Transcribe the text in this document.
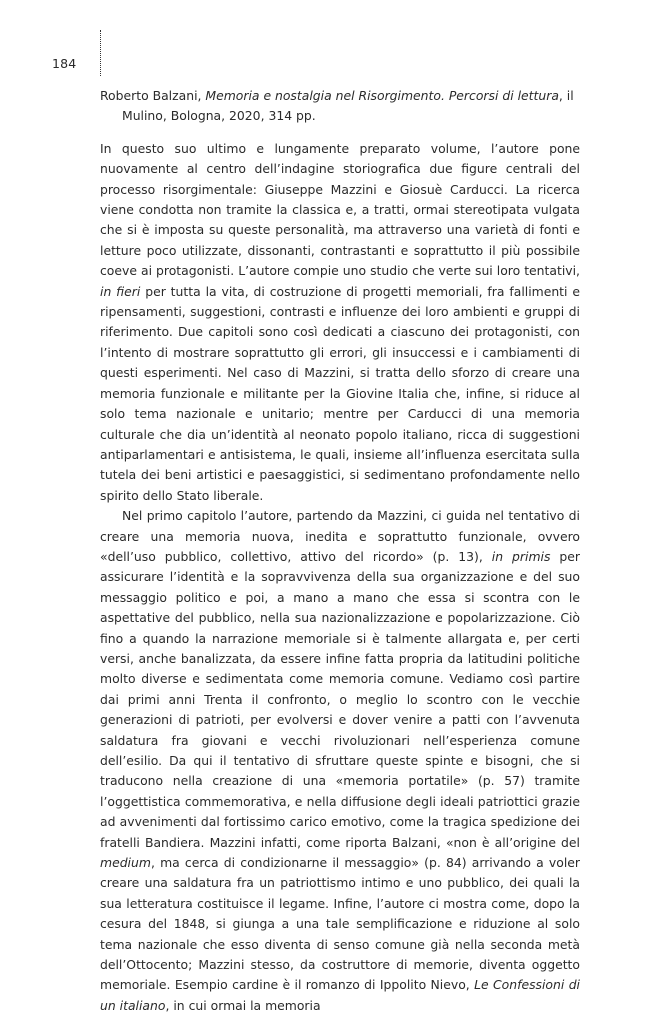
184

Roberto Balzani, Memoria e nostalgia nel Risorgimento. Percorsi di lettura, il Mulino, Bologna, 2020, 314 pp.

In questo suo ultimo e lungamente preparato volume, l’autore pone nuovamente al centro dell’indagine storiografica due figure centrali del processo risorgimentale: Giuseppe Mazzini e Giosuè Carducci. La ricerca viene condotta non tramite la classica e, a tratti, ormai stereotipata vulgata che si è imposta su queste personalità, ma attraverso una varietà di fonti e letture poco utilizzate, dissonanti, contrastanti e soprattutto il più possibile coeve ai protagonisti. L’autore compie uno studio che verte sui loro tentativi, in fieri per tutta la vita, di costruzione di progetti memoriali, fra fallimenti e ripensamenti, suggestioni, contrasti e influenze dei loro ambienti e gruppi di riferimento. Due capitoli sono così dedicati a ciascuno dei protagonisti, con l’intento di mostrare soprattutto gli errori, gli insuccessi e i cambiamenti di questi esperimenti. Nel caso di Mazzini, si tratta dello sforzo di creare una memoria funzionale e militante per la Giovine Italia che, infine, si riduce al solo tema nazionale e unitario; mentre per Carducci di una memoria culturale che dia un’identità al neonato popolo italiano, ricca di suggestioni antiparlamentari e antisistema, le quali, insieme all’influenza esercitata sulla tutela dei beni artistici e paesaggistici, si sedimentano profondamente nello spirito dello Stato liberale.

Nel primo capitolo l’autore, partendo da Mazzini, ci guida nel tentativo di creare una memoria nuova, inedita e soprattutto funzionale, ovvero «dell’uso pubblico, collettivo, attivo del ricordo» (p. 13), in primis per assicurare l’identità e la sopravvivenza della sua organizzazione e del suo messaggio politico e poi, a mano a mano che essa si scontra con le aspettative del pubblico, nella sua nazionalizzazione e popolarizzazione. Ciò fino a quando la narrazione memoriale si è talmente allargata e, per certi versi, anche banalizzata, da essere infine fatta propria da latitudini politiche molto diverse e sedimentata come memoria comune. Vediamo così partire dai primi anni Trenta il confronto, o meglio lo scontro con le vecchie generazioni di patrioti, per evolversi e dover venire a patti con l’avvenuta saldatura fra giovani e vecchi rivoluzionari nell’esperienza comune dell’esilio. Da qui il tentativo di sfruttare queste spinte e bisogni, che si traducono nella creazione di una «memoria portatile» (p. 57) tramite l’oggettistica commemorativa, e nella diffusione degli ideali patriottici grazie ad avvenimenti dal fortissimo carico emotivo, come la tragica spedizione dei fratelli Bandiera. Mazzini infatti, come riporta Balzani, «non è all’origine del medium, ma cerca di condizionarne il messaggio» (p. 84) arrivando a voler creare una saldatura fra un patriottismo intimo e uno pubblico, dei quali la sua letteratura costituisce il legame. Infine, l’autore ci mostra come, dopo la cesura del 1848, si giunga a una tale semplificazione e riduzione al solo tema nazionale che esso diventa di senso comune già nella seconda metà dell’Ottocento; Mazzini stesso, da costruttore di memorie, diventa oggetto memoriale. Esempio cardine è il romanzo di Ippolito Nievo, Le Confessioni di un italiano, in cui ormai la memoria
